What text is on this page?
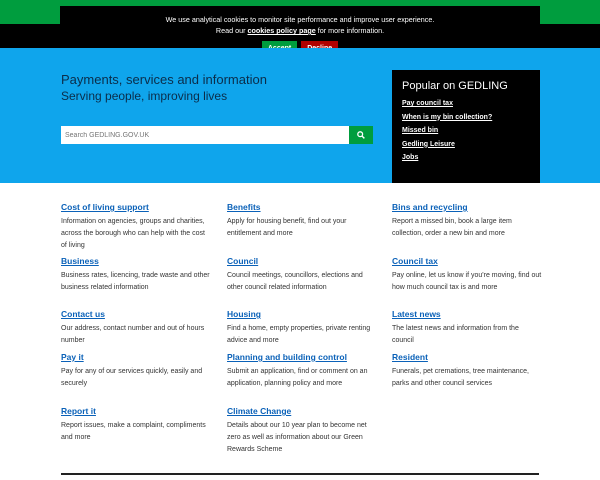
We use analytical cookies to monitor site performance and improve user experience.
Read our cookies policy page for more information.

Payments, services and information
Serving people, improving lives
Search GEDLING.GOV.UK
Popular on GEDLING
Pay council tax
When is my bin collection?
Missed bin
Gedling Leisure
Jobs
Cost of living support
Information on agencies, groups and charities, across the borough who can help with the cost of living
Benefits
Apply for housing benefit, find out your entitlement and more
Bins and recycling
Report a missed bin, book a large item collection, order a new bin and more
Business
Business rates, licencing, trade waste and other business related information
Council
Council meetings, councillors, elections and other council related information
Council tax
Pay online, let us know if you're moving, find out how much council tax is and more
Contact us
Our address, contact number and out of hours number
Housing
Find a home, empty properties, private renting advice and more
Latest news
The latest news and information from the council
Pay it
Pay for any of our services quickly, easily and securely
Planning and building control
Submit an application, find or comment on an application, planning policy and more
Resident
Funerals, pet cremations, tree maintenance, parks and other council services
Report it
Report issues, make a complaint, compliments and more
Climate Change
Details about our 10 year plan to become net zero as well as information about our Green Rewards Scheme
